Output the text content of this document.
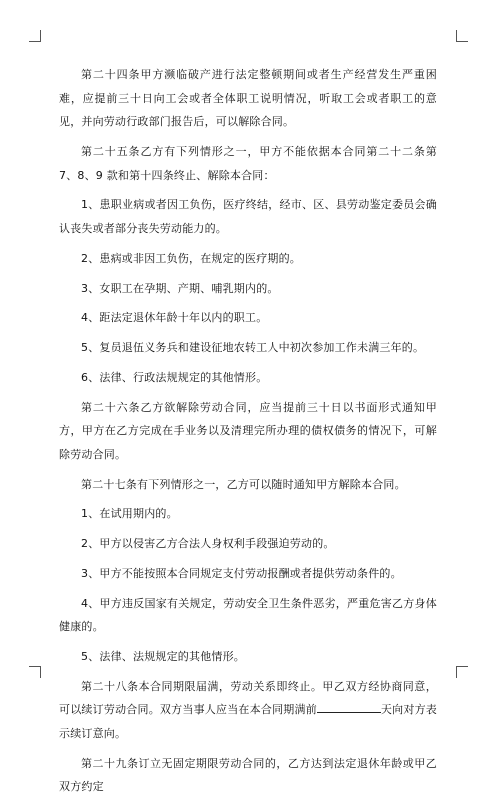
第二十四条甲方濒临破产进行法定整顿期间或者生产经营发生严重困难，应提前三十日向工会或者全体职工说明情况，听取工会或者职工的意见，并向劳动行政部门报告后，可以解除合同。

第二十五条乙方有下列情形之一，甲方不能依据本合同第二十二条第 7、8、9 款和第十四条终止、解除本合同：

1、患职业病或者因工负伤，医疗终结，经市、区、县劳动鉴定委员会确认丧失或者部分丧失劳动能力的。

2、患病或非因工负伤，在规定的医疗期的。

3、女职工在孕期、产期、哺乳期内的。

4、距法定退休年龄十年以内的职工。

5、复员退伍义务兵和建设征地农转工人中初次参加工作未满三年的。

6、法律、行政法规规定的其他情形。

第二十六条乙方欲解除劳动合同，应当提前三十日以书面形式通知甲方，甲方在乙方完成在手业务以及清理完所办理的债权债务的情况下，可解除劳动合同。

第二十七条有下列情形之一，乙方可以随时通知甲方解除本合同。

1、在试用期内的。

2、甲方以侵害乙方合法人身权利手段强迫劳动的。

3、甲方不能按照本合同规定支付劳动报酬或者提供劳动条件的。

4、甲方违反国家有关规定，劳动安全卫生条件恶劣，严重危害乙方身体健康的。

5、法律、法规规定的其他情形。

第二十八条本合同期限届满，劳动关系即终止。甲乙双方经协商同意，可以续订劳动合同。双方当事人应当在本合同期满前	天向对方表示续订意向。

第二十九条订立无固定期限劳动合同的，乙方达到法定退休年龄或甲乙双方约定
